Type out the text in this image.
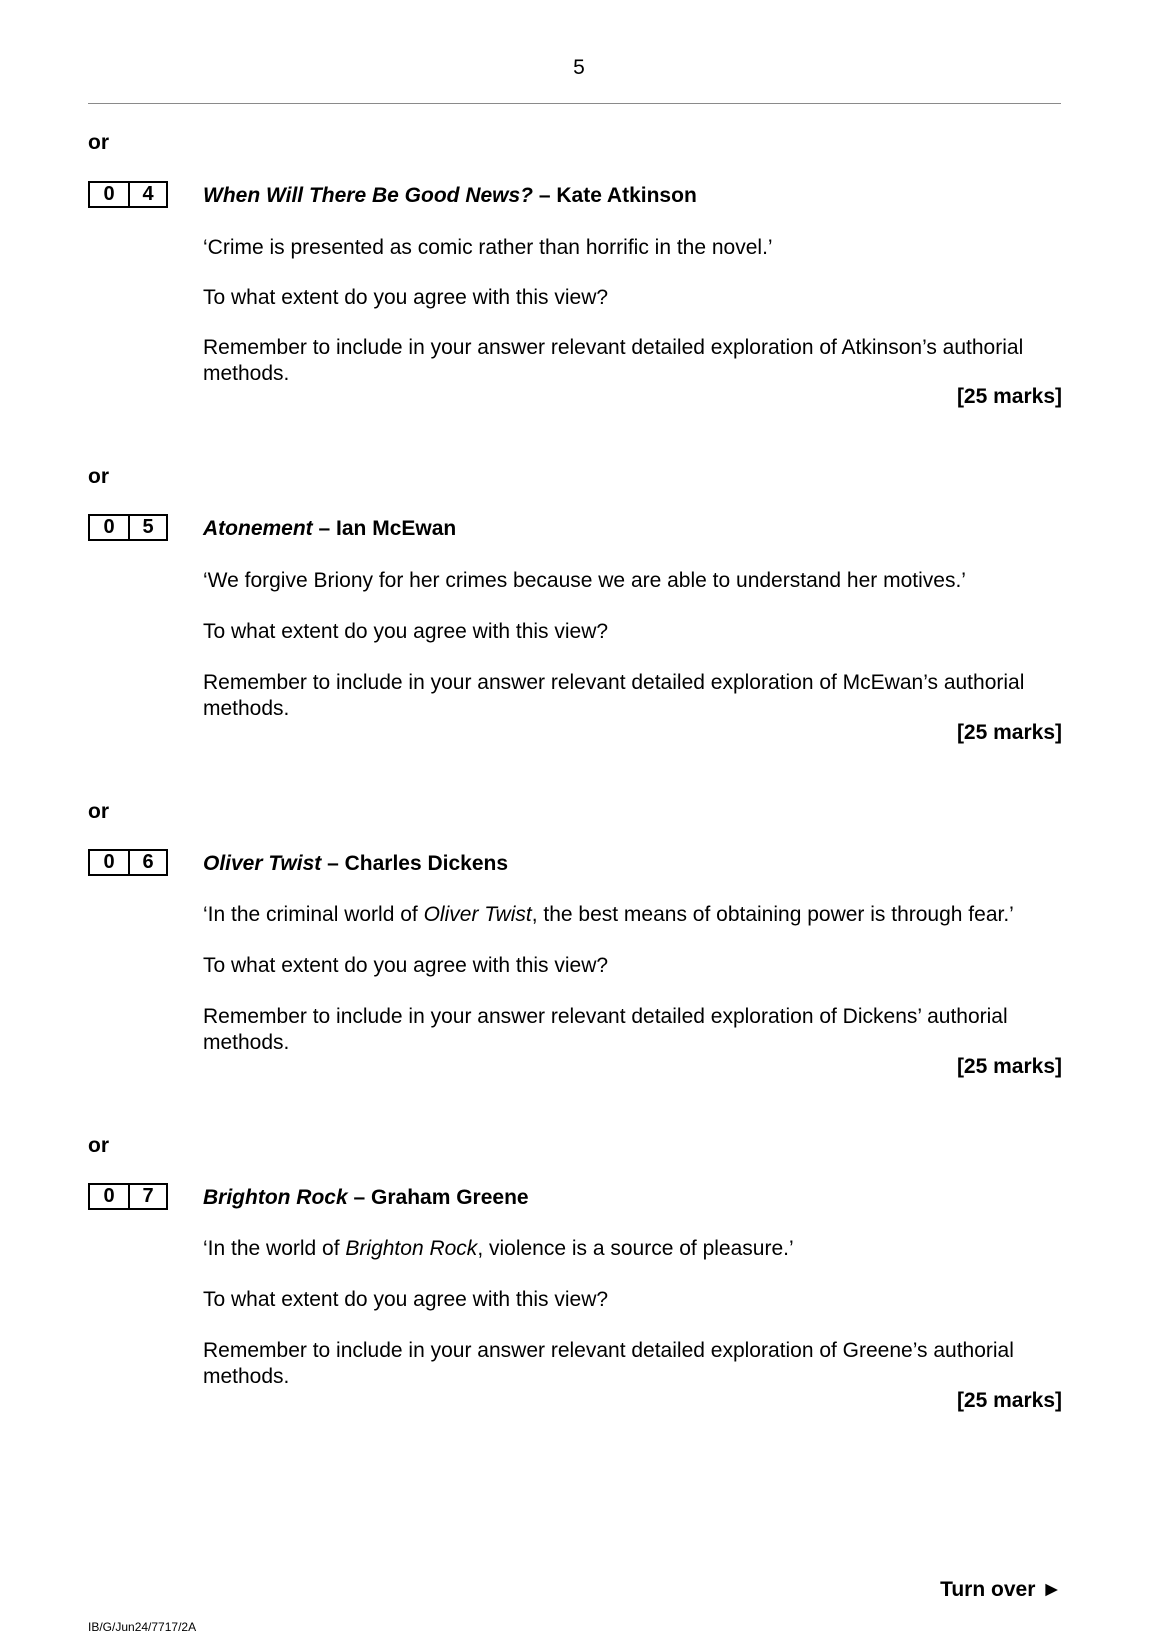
5
or
0	4	When Will There Be Good News? – Kate Atkinson
‘Crime is presented as comic rather than horrific in the novel.’
To what extent do you agree with this view?
Remember to include in your answer relevant detailed exploration of Atkinson’s authorial methods.
[25 marks]
or
0	5	Atonement – Ian McEwan
‘We forgive Briony for her crimes because we are able to understand her motives.’
To what extent do you agree with this view?
Remember to include in your answer relevant detailed exploration of McEwan’s authorial methods.
[25 marks]
or
0	6	Oliver Twist – Charles Dickens
‘In the criminal world of Oliver Twist, the best means of obtaining power is through fear.’
To what extent do you agree with this view?
Remember to include in your answer relevant detailed exploration of Dickens’ authorial methods.
[25 marks]
or
0	7	Brighton Rock – Graham Greene
‘In the world of Brighton Rock, violence is a source of pleasure.’
To what extent do you agree with this view?
Remember to include in your answer relevant detailed exploration of Greene’s authorial methods.
[25 marks]
Turn over ►
IB/G/Jun24/7717/2A
